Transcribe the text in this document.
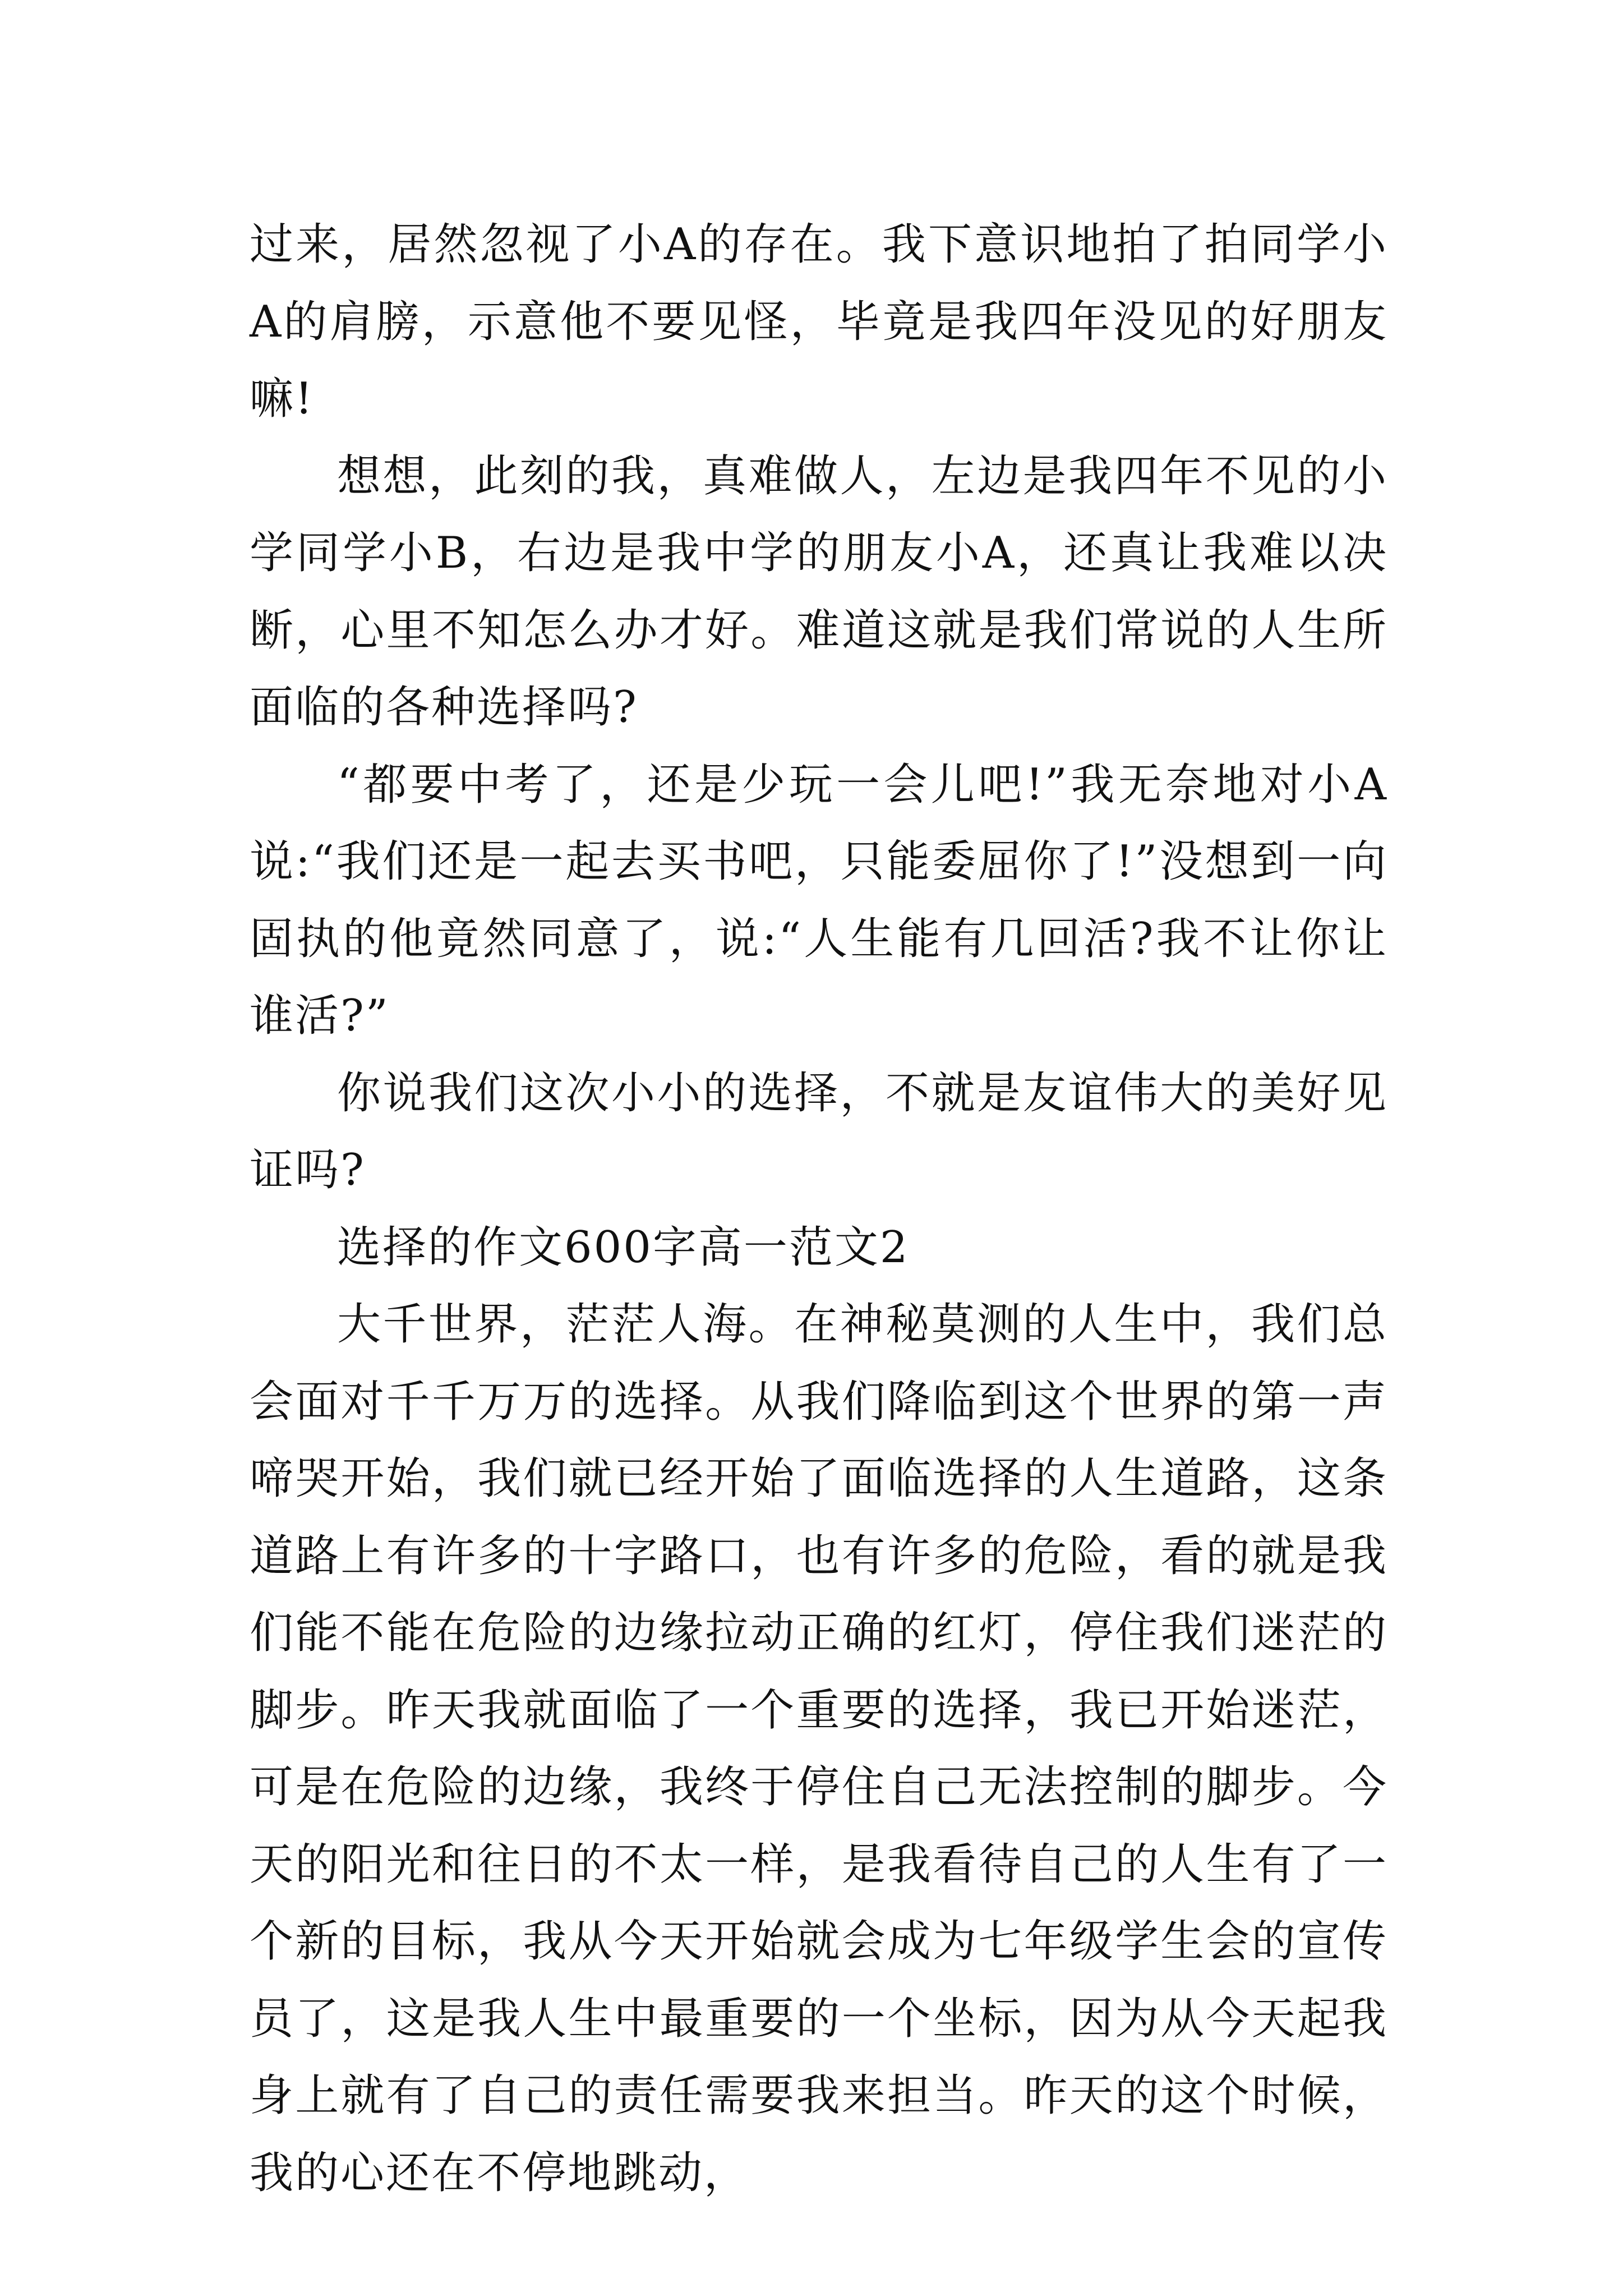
过来，居然忽视了小A的存在。我下意识地拍了拍同学小A的肩膀，示意他不要见怪，毕竟是我四年没见的好朋友嘛!

想想，此刻的我，真难做人，左边是我四年不见的小学同学小B，右边是我中学的朋友小A，还真让我难以决断，心里不知怎么办才好。难道这就是我们常说的人生所面临的各种选择吗?

“都要中考了，还是少玩一会儿吧!”我无奈地对小A说:“我们还是一起去买书吧，只能委屈你了!”没想到一向固执的他竟然同意了，说:“人生能有几回活?我不让你让谁活?”

你说我们这次小小的选择，不就是友谊伟大的美好见证吗?

选择的作文600字高一范文2

大千世界，茫茫人海。在神秘莫测的人生中，我们总会面对千千万万的选择。从我们降临到这个世界的第一声啼哭开始，我们就已经开始了面临选择的人生道路，这条道路上有许多的十字路口，也有许多的危险，看的就是我们能不能在危险的边缘拉动正确的红灯，停住我们迷茫的脚步。昨天我就面临了一个重要的选择，我已开始迷茫，可是在危险的边缘，我终于停住自己无法控制的脚步。今天的阳光和往日的不太一样，是我看待自己的人生有了一个新的目标，我从今天开始就会成为七年级学生会的宣传员了，这是我人生中最重要的一个坐标，因为从今天起我身上就有了自己的责任需要我来担当。昨天的这个时候，我的心还在不停地跳动，
